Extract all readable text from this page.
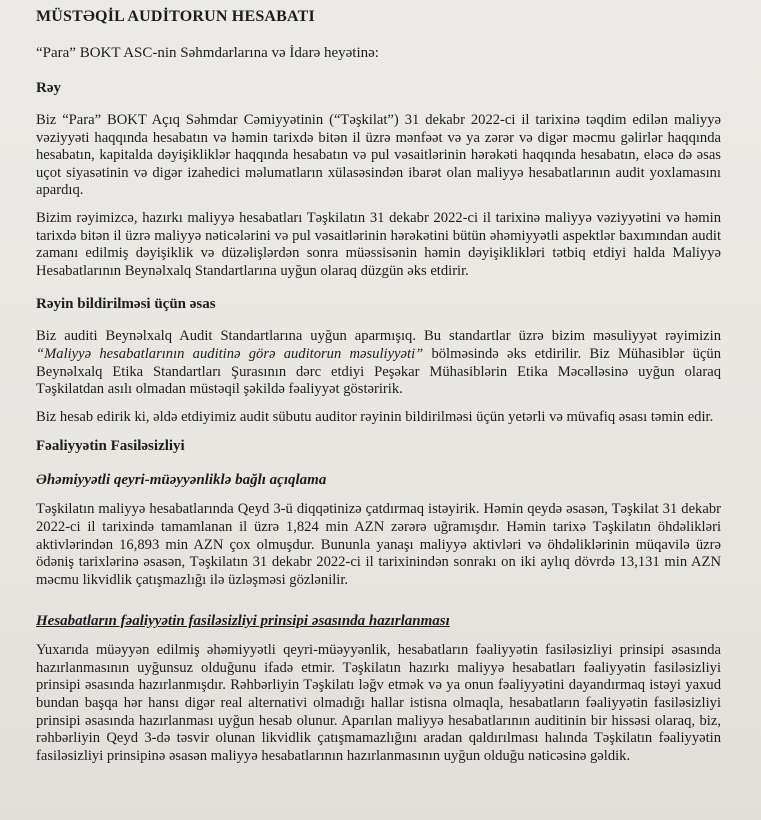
MÜSTƏQİL AUDİTORUN HESABATI
“Para” BOKT ASC-nin Səhmdarlarına və İdarə heyətinə:
Rəy

Biz “Para” BOKT Açıq Səhmdar Cəmiyyətinin (“Təşkilat”) 31 dekabr 2022-ci il tarixinə təqdim edilən maliyyə vəziyyəti haqqında hesabatın və həmin tarixdə bitən il üzrə mənfəət və ya zərər və digər məcmu gəlirlər haqqında hesabatın, kapitalda dəyişikliklər haqqında hesabatın və pul vəsaitlərinin hərəkəti haqqında hesabatın, eləcə də əsas uçot siyasətinin və digər izahedici məlumatların xülasəsindən ibarət olan maliyyə hesabatlarının audit yoxlamasını apardıq.

Bizim rəyimizcə, hazırkı maliyyə hesabatları Təşkilatın 31 dekabr 2022-ci il tarixinə maliyyə vəziyyətini və həmin tarixdə bitən il üzrə maliyyə nəticələrini və pul vəsaitlərinin hərəkətini bütün əhəmiyyətli aspektlər baxımından audit zamanı edilmiş dəyişiklik və düzəlişlərdən sonra müəssisənin həmin dəyişiklikləri tətbiq etdiyi halda Maliyyə Hesabatlarının Beynəlxalq Standartlarına uyğun olaraq düzgün əks etdirir.

Rəyin bildirilməsi üçün əsas

Biz auditi Beynəlxalq Audit Standartlarına uyğun aparmışıq. Bu standartlar üzrə bizim məsuliyyət rəyimizin “Maliyyə hesabatlarının auditinə görə auditorun məsuliyyəti” bölməsində əks etdirilir. Biz Mühasiblər üçün Beynəlxalq Etika Standartları Şurasının dərc etdiyi Peşəkar Mühasiblərin Etika Məcəlləsinə uyğun olaraq Təşkilatdan asılı olmadan müstəqil şəkildə fəaliyyət göstəririk.

Biz hesab edirik ki, əldə etdiyimiz audit sübutu auditor rəyinin bildirilməsi üçün yetərli və müvafiq əsası təmin edir.

Fəaliyyətin Fasiləsizliyi
Əhəmiyyətli qeyri-müəyyənliklə bağlı açıqlama

Təşkilatın maliyyə hesabatlarında Qeyd 3-ü diqqətinizə çatdırmaq istəyirik. Həmin qeydə əsasən, Təşkilat 31 dekabr 2022-ci il tarixində tamamlanan il üzrə 1,824 min AZN zərərə uğramışdır. Həmin tarixə Təşkilatın öhdəlikləri aktivlərindən 16,893 min AZN çox olmuşdur. Bununla yanaşı maliyyə aktivləri və öhdəliklərinin müqavilə üzrə ödəniş tarixlərinə əsasən, Təşkilatın 31 dekabr 2022-ci il tarixinindən sonrakı on iki aylıq dövrdə 13,131 min AZN məcmu likvidlik çatışmazlığı ilə üzləşməsi gözlənilir.

Hesabatların fəaliyyətin fasiləsizliyi prinsipi əsasında hazırlanması

Yuxarıda müəyyən edilmiş əhəmiyyətli qeyri-müəyyənlik, hesabatların fəaliyyətin fasiləsizliyi prinsipi əsasında hazırlanmasının uyğunsuz olduğunu ifadə etmir. Təşkilatın hazırkı maliyyə hesabatları fəaliyyətin fasiləsizliyi prinsipi əsasında hazırlanmışdır. Rəhbərliyin Təşkilatı ləğv etmək və ya onun fəaliyyətini dayandırmaq istəyi yaxud bundan başqa hər hansı digər real alternativi olmadığı hallar istisna olmaqla, hesabatların fəaliyyətin fasiləsizliyi prinsipi əsasında hazırlanması uyğun hesab olunur. Aparılan maliyyə hesabatlarının auditinin bir hissəsi olaraq, biz, rəhbərliyin Qeyd 3-də təsvir olunan likvidlik çatışmamazlığını aradan qaldırılması halında Təşkilatın fəaliyyətin fasiləsizliyi prinsipinə əsasən maliyyə hesabatlarının hazırlanmasının uyğun olduğu nəticəsinə gəldik.
